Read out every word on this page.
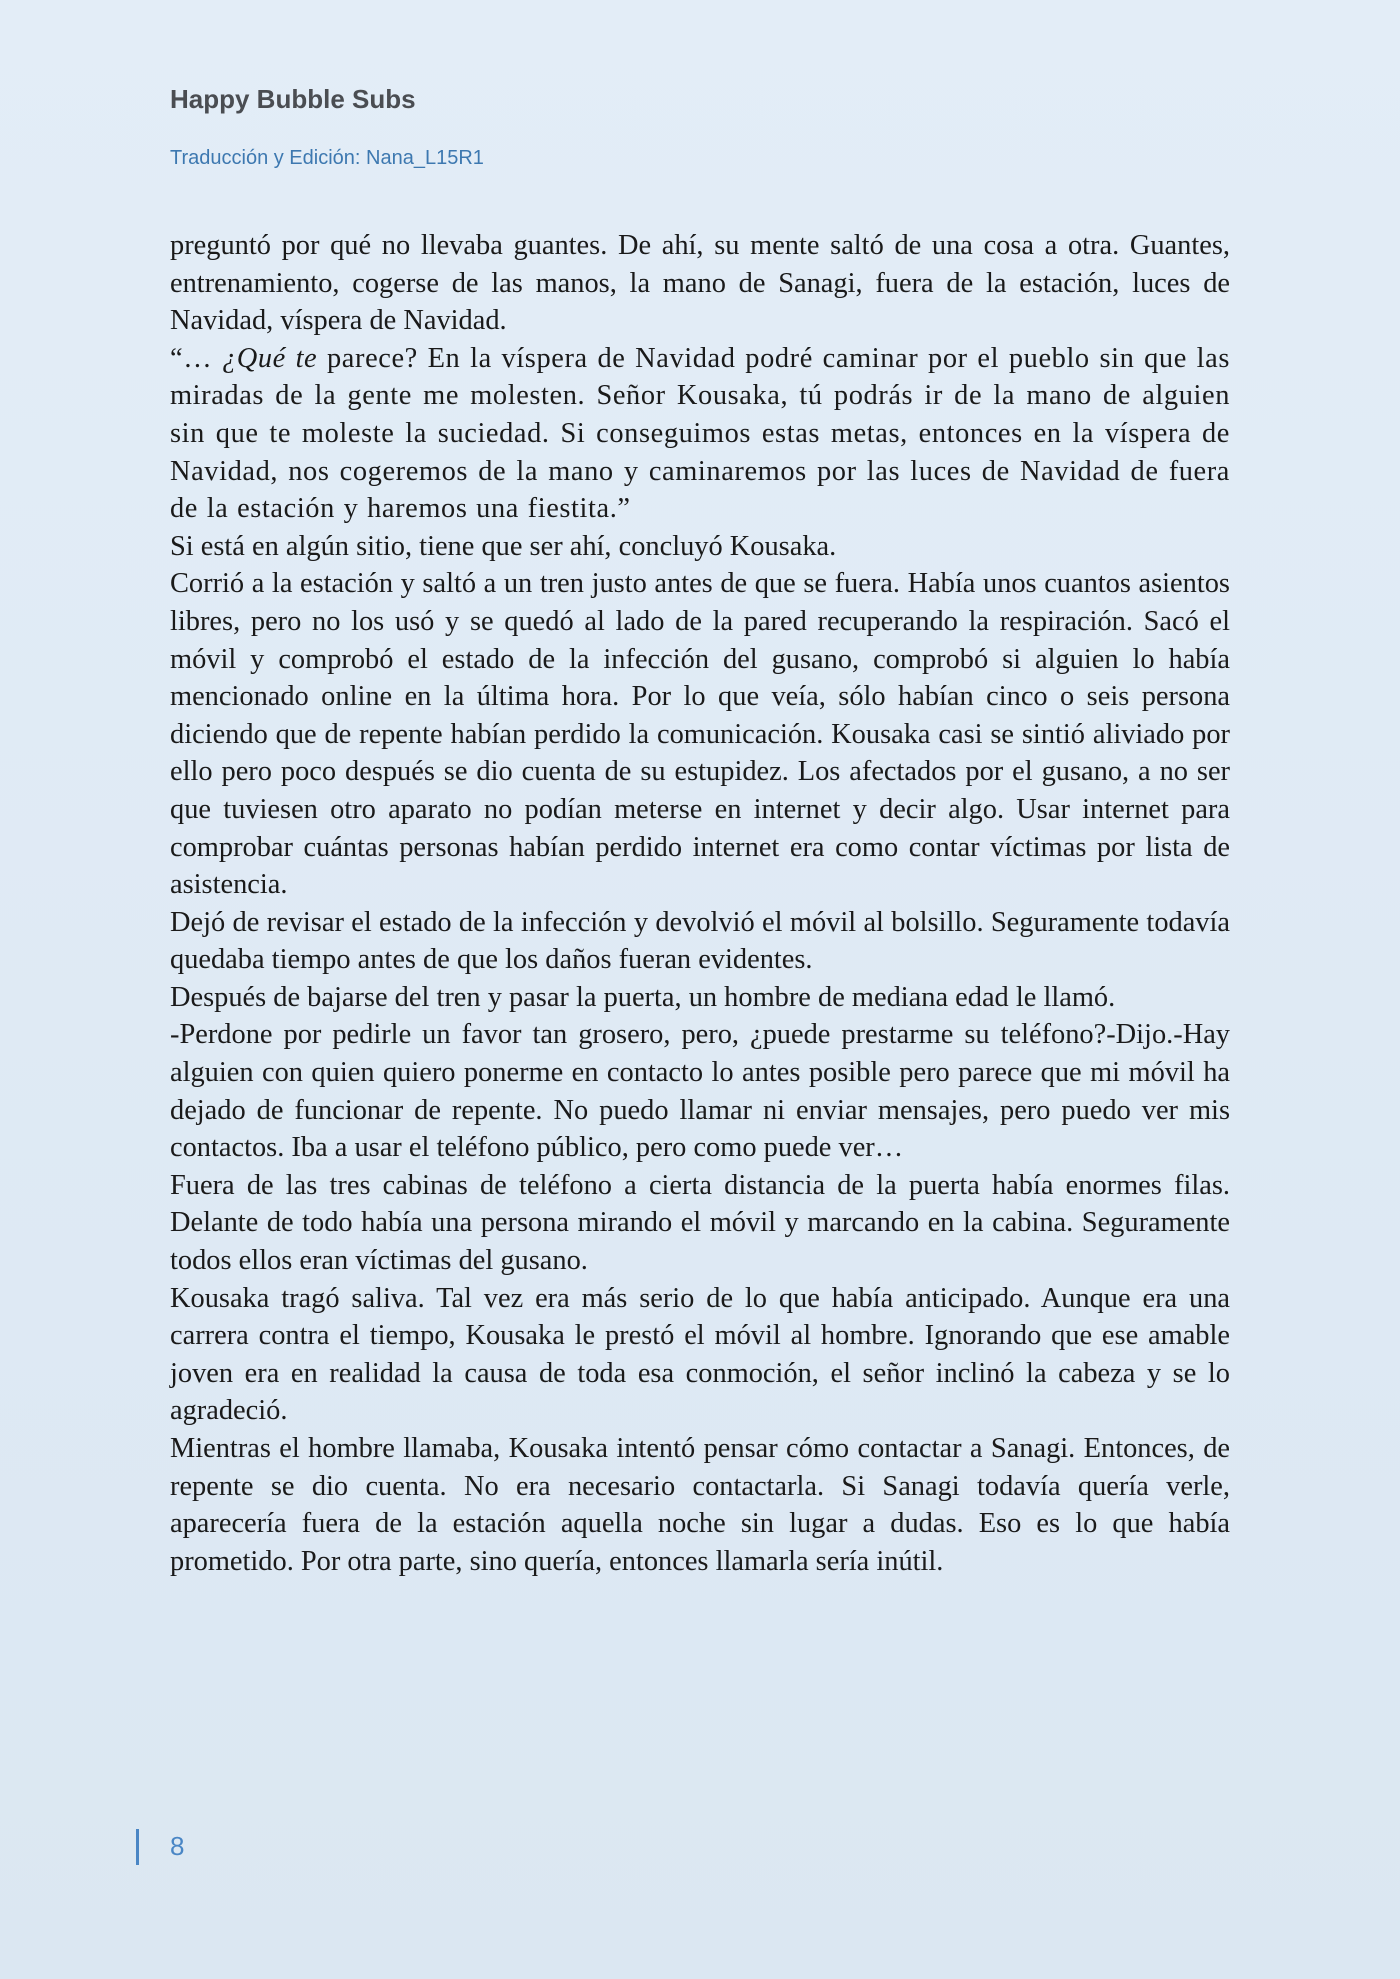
Happy Bubble Subs
Traducción y Edición: Nana_L15R1

preguntó por qué no llevaba guantes. De ahí, su mente saltó de una cosa a otra. Guantes, entrenamiento, cogerse de las manos, la mano de Sanagi, fuera de la estación, luces de Navidad, víspera de Navidad.

“… ¿Qué te parece? En la víspera de Navidad podré caminar por el pueblo sin que las miradas de la gente me molesten. Señor Kousaka, tú podrás ir de la mano de alguien sin que te moleste la suciedad. Si conseguimos estas metas, entonces en la víspera de Navidad, nos cogeremos de la mano y caminaremos por las luces de Navidad de fuera de la estación y haremos una fiestita.”

Si está en algún sitio, tiene que ser ahí, concluyó Kousaka.

Corrió a la estación y saltó a un tren justo antes de que se fuera. Había unos cuantos asientos libres, pero no los usó y se quedó al lado de la pared recuperando la respiración. Sacó el móvil y comprobó el estado de la infección del gusano, comprobó si alguien lo había mencionado online en la última hora. Por lo que veía, sólo habían cinco o seis persona diciendo que de repente habían perdido la comunicación. Kousaka casi se sintió aliviado por ello pero poco después se dio cuenta de su estupidez. Los afectados por el gusano, a no ser que tuviesen otro aparato no podían meterse en internet y decir algo. Usar internet para comprobar cuántas personas habían perdido internet era como contar víctimas por lista de asistencia.

Dejó de revisar el estado de la infección y devolvió el móvil al bolsillo. Seguramente todavía quedaba tiempo antes de que los daños fueran evidentes.

Después de bajarse del tren y pasar la puerta, un hombre de mediana edad le llamó.

-Perdone por pedirle un favor tan grosero, pero, ¿puede prestarme su teléfono?-Dijo.-Hay alguien con quien quiero ponerme en contacto lo antes posible pero parece que mi móvil ha dejado de funcionar de repente. No puedo llamar ni enviar mensajes, pero puedo ver mis contactos. Iba a usar el teléfono público, pero como puede ver…

Fuera de las tres cabinas de teléfono a cierta distancia de la puerta había enormes filas. Delante de todo había una persona mirando el móvil y marcando en la cabina. Seguramente todos ellos eran víctimas del gusano.

Kousaka tragó saliva. Tal vez era más serio de lo que había anticipado. Aunque era una carrera contra el tiempo, Kousaka le prestó el móvil al hombre. Ignorando que ese amable joven era en realidad la causa de toda esa conmoción, el señor inclinó la cabeza y se lo agradeció.

Mientras el hombre llamaba, Kousaka intentó pensar cómo contactar a Sanagi. Entonces, de repente se dio cuenta. No era necesario contactarla. Si Sanagi todavía quería verle, aparecería fuera de la estación aquella noche sin lugar a dudas. Eso es lo que había prometido. Por otra parte, sino quería, entonces llamarla sería inútil.

8
